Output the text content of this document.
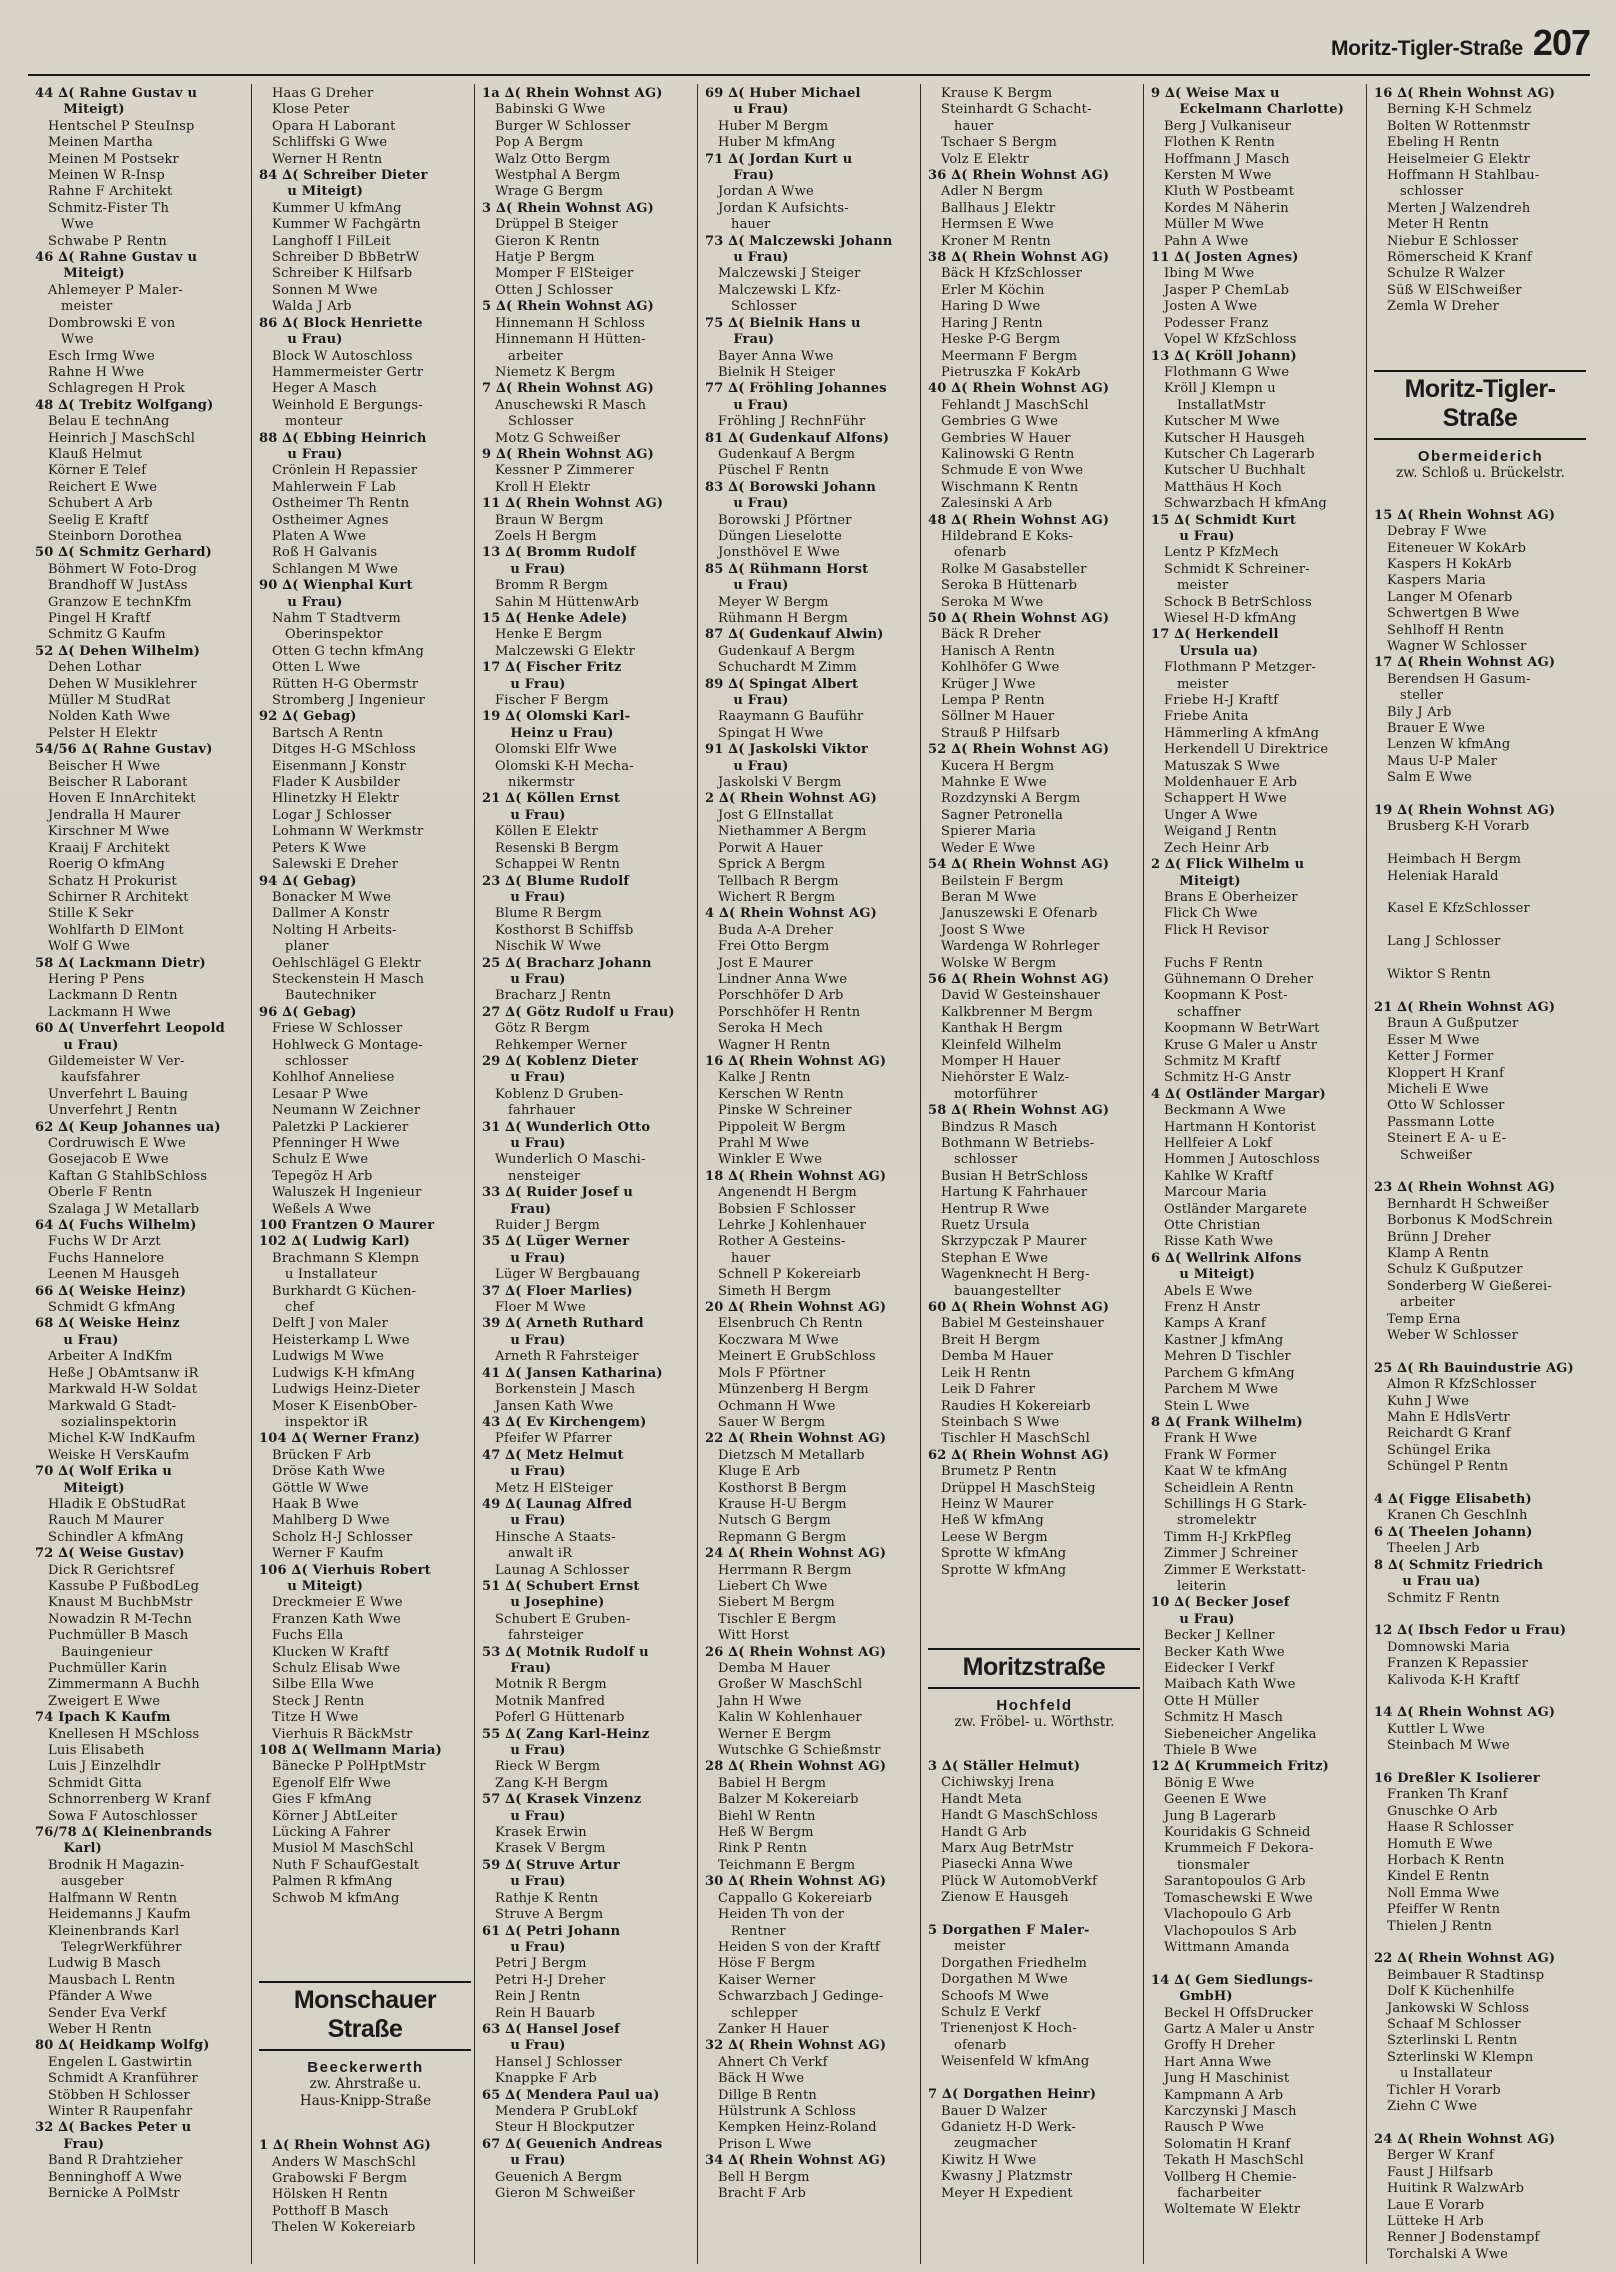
Moritz-Tigler-Straße 207
44 ∆( Rahne Gustav u
Miteigt)
Hentschel P SteuInsp
Meinen Martha
Meinen M Postsekr
Meinen W R-Insp
Rahne F Architekt
Schmitz-Fister Th
Wwe
Schwabe P Rentn
46 ∆( Rahne Gustav u
Miteigt)
Ahlemeyer P Maler-
meister
Dombrowski E von
Wwe
Esch Irmg Wwe
Rahne H Wwe
Schlagregen H Prok
48 ∆( Trebitz Wolfgang)
Belau E technAng
Heinrich J MaschSchl
Klauß Helmut
Körner E Telef
Reichert E Wwe
Schubert A Arb
Seelig E Kraftf
Steinborn Dorothea
50 ∆( Schmitz Gerhard)
Böhmert W Foto-Drog
Brandhoff W JustAss
Granzow E technKfm
Pingel H Kraftf
Schmitz G Kaufm
52 ∆( Dehen Wilhelm)
Dehen Lothar
Dehen W Musiklehrer
Müller M StudRat
Nolden Kath Wwe
Pelster H Elektr
54/56 ∆( Rahne Gustav)
Beischer H Wwe
Beischer R Laborant
Hoven E InnArchitekt
Jendralla H Maurer
Kirschner M Wwe
Kraaij F Architekt
Roerig O kfmAng
Schatz H Prokurist
Schirner R Architekt
Stille K Sekr
Wohlfarth D ElMont
Wolf G Wwe
58 ∆( Lackmann Dietr)
Hering P Pens
Lackmann D Rentn
Lackmann H Wwe
60 ∆( Unverfehrt Leopold
u Frau)
Gildemeister W Ver-
kaufsfahrer
Unverfehrt L Bauing
Unverfehrt J Rentn
62 ∆( Keup Johannes ua)
Cordruwisch E Wwe
Gosejacob E Wwe
Kaftan G StahlbSchloss
Oberle F Rentn
Szalaga J W Metallarb
64 ∆( Fuchs Wilhelm)
Fuchs W Dr Arzt
Fuchs Hannelore
Leenen M Hausgeh
66 ∆( Weiske Heinz)
Schmidt G kfmAng
68 ∆( Weiske Heinz
u Frau)
Arbeiter A IndKfm
Heße J ObAmtsanw iR
Markwald H-W Soldat
Markwald G Stadt-
sozialinspektorin
Michel K-W IndKaufm
Weiske H VersKaufm
70 ∆( Wolf Erika u
Miteigt)
Hladik E ObStudRat
Rauch M Maurer
Schindler A kfmAng
72 ∆( Weise Gustav)
Dick R Gerichtsref
Kassube P FußbodLeg
Knaust M BuchbMstr
Nowadzin R M-Techn
Puchmüller B Masch
Bauingenieur
Puchmüller Karin
Zimmermann A Buchh
Zweigert E Wwe
74 Ipach K Kaufm
Knellesen H MSchloss
Luis Elisabeth
Luis J Einzelhdlr
Schmidt Gitta
Schnorrenberg W Kranf
Sowa F Autoschlosser
76/78 ∆( Kleinenbrands
Karl)
Brodnik H Magazin-
ausgeber
Halfmann W Rentn
Heidemanns J Kaufm
Kleinenbrands Karl
TelegrWerkführer
Ludwig B Masch
Mausbach L Rentn
Pfänder A Wwe
Sender Eva Verkf
Weber H Rentn
80 ∆( Heidkamp Wolfg)
Engelen L Gastwirtin
Schmidt A Kranführer
Stöbben H Schlosser
Winter R Raupenfahr
32 ∆( Backes Peter u
Frau)
Band R Drahtzieher
Benninghoff A Wwe
Bernicke A PolMstr
Haas G Dreher
Klose Peter
Opara H Laborant
Schliffski G Wwe
Werner H Rentn
84 ∆( Schreiber Dieter
u Miteigt)
Kummer U kfmAng
Kummer W Fachgärtn
Langhoff I FilLeit
Schreiber D BbBetrW
Schreiber K Hilfsarb
Sonnen M Wwe
Walda J Arb
86 ∆( Block Henriette
u Frau)
Block W Autoschloss
Hammermeister Gertr
Heger A Masch
Weinhold E Bergungs-
monteur
88 ∆( Ebbing Heinrich
u Frau)
Crönlein H Repassier
Mahlerwein F Lab
Ostheimer Th Rentn
Ostheimer Agnes
Platen A Wwe
Roß H Galvanis
Schlangen M Wwe
90 ∆( Wienphal Kurt
u Frau)
Nahm T Stadtverm
Oberinspektor
Otten G techn kfmAng
Otten L Wwe
Rütten H-G Obermstr
Stromberg J Ingenieur
92 ∆( Gebag)
Bartsch A Rentn
Ditges H-G MSchloss
Eisenmann J Konstr
Flader K Ausbilder
Hlinetzky H Elektr
Logar J Schlosser
Lohmann W Werkmstr
Peters K Wwe
Salewski E Dreher
94 ∆( Gebag)
Bonacker M Wwe
Dallmer A Konstr
Nolting H Arbeits-
planer
Oehlschlägel G Elektr
Steckenstein H Masch
Bautechniker
96 ∆( Gebag)
Friese W Schlosser
Hohlweck G Montage-
schlosser
Kohlhof Anneliese
Lesaar P Wwe
Neumann W Zeichner
Paletzki P Lackierer
Pfenninger H Wwe
Schulz E Wwe
Tepegöz H Arb
Waluszek H Ingenieur
Weßels A Wwe
100 Frantzen O Maurer
102 ∆( Ludwig Karl)
Brachmann S Klempn
u Installateur
Burkhardt G Küchen-
chef
Delft J von Maler
Heisterkamp L Wwe
Ludwigs M Wwe
Ludwigs K-H kfmAng
Ludwigs Heinz-Dieter
Moser K EisenbOber-
inspektor iR
104 ∆( Werner Franz)
Brücken F Arb
Dröse Kath Wwe
Göttle W Wwe
Haak B Wwe
Mahlberg D Wwe
Scholz H-J Schlosser
Werner F Kaufm
106 ∆( Vierhuis Robert
u Miteigt)
Dreckmeier E Wwe
Franzen Kath Wwe
Fuchs Ella
Klucken W Kraftf
Schulz Elisab Wwe
Silbe Ella Wwe
Steck J Rentn
Titze H Wwe
Vierhuis R BäckMstr
108 ∆( Wellmann Maria)
Bänecke P PolHptMstr
Egenolf Elfr Wwe
Gies F kfmAng
Körner J AbtLeiter
Lücking A Fahrer
Musiol M MaschSchl
Nuth F SchaufGestalt
Palmen R kfmAng
Schwob M kfmAng
Monschauer Straße
Beeckerwerth
zw. Ahrstraße u.
Haus-Knipp-Straße
1 ∆( Rhein Wohnst AG)
Anders W MaschSchl
Grabowski F Bergm
Hölsken H Rentn
Potthoff B Masch
Thelen W Kokereiarb
1a ∆( Rhein Wohnst AG)
Babinski G Wwe
Burger W Schlosser
Pop A Bergm
Walz Otto Bergm
Westphal A Bergm
Wrage G Bergm
3 ∆( Rhein Wohnst AG)
Drüppel B Steiger
Gieron K Rentn
Hatje P Bergm
Momper F ElSteiger
Otten J Schlosser
5 ∆( Rhein Wohnst AG)
Hinnemann H Schloss
Hinnemann H Hütten-
arbeiter
Niemetz K Bergm
7 ∆( Rhein Wohnst AG)
Anuschewski R Masch
Schlosser
Motz G Schweißer
9 ∆( Rhein Wohnst AG)
Kessner P Zimmerer
Kroll H Elektr
11 ∆( Rhein Wohnst AG)
Braun W Bergm
Zoels H Bergm
13 ∆( Bromm Rudolf
u Frau)
Bromm R Bergm
Sahin M HüttenwArb
15 ∆( Henke Adele)
Henke E Bergm
Malczewski G Elektr
17 ∆( Fischer Fritz
u Frau)
Fischer F Bergm
19 ∆( Olomski Karl-
Heinz u Frau)
Olomski Elfr Wwe
Olomski K-H Mecha-
nikermstr
21 ∆( Köllen Ernst
u Frau)
Köllen E Elektr
Resenski B Bergm
Schappei W Rentn
23 ∆( Blume Rudolf
u Frau)
Blume R Bergm
Kosthorst B Schiffsb
Nischik W Wwe
25 ∆( Bracharz Johann
u Frau)
Bracharz J Rentn
27 ∆( Götz Rudolf u Frau)
Götz R Bergm
Rehkemper Werner
29 ∆( Koblenz Dieter
u Frau)
Koblenz D Gruben-
fahrhauer
31 ∆( Wunderlich Otto
u Frau)
Wunderlich O Maschi-
nensteiger
33 ∆( Ruider Josef u
Frau)
Ruider J Bergm
35 ∆( Lüger Werner
u Frau)
Lüger W Bergbauang
37 ∆( Floer Marlies)
Floer M Wwe
39 ∆( Arneth Ruthard
u Frau)
Arneth R Fahrsteiger
41 ∆( Jansen Katharina)
Borkenstein J Masch
Jansen Kath Wwe
43 ∆( Ev Kirchengem)
Pfeifer W Pfarrer
47 ∆( Metz Helmut
u Frau)
Metz H ElSteiger
49 ∆( Launag Alfred
u Frau)
Hinsche A Staats-
anwalt iR
Launag A Schlosser
51 ∆( Schubert Ernst
u Josephine)
Schubert E Gruben-
fahrsteiger
53 ∆( Motnik Rudolf u
Frau)
Motnik R Bergm
Motnik Manfred
Poferl G Hüttenarb
55 ∆( Zang Karl-Heinz
u Frau)
Rieck W Bergm
Zang K-H Bergm
57 ∆( Krasek Vinzenz
u Frau)
Krasek Erwin
Krasek V Bergm
59 ∆( Struve Artur
u Frau)
Rathje K Rentn
Struve A Bergm
61 ∆( Petri Johann
u Frau)
Petri J Bergm
Petri H-J Dreher
Rein J Rentn
Rein H Bauarb
63 ∆( Hansel Josef
u Frau)
Hansel J Schlosser
Knappke F Arb
65 ∆( Mendera Paul ua)
Mendera P GrubLokf
Steur H Blockputzer
67 ∆( Geuenich Andreas
u Frau)
Geuenich A Bergm
Gieron M Schweißer
69 ∆( Huber Michael
u Frau)
Huber M Bergm
Huber M kfmAng
71 ∆( Jordan Kurt u
Frau)
Jordan A Wwe
Jordan K Aufsichts-
hauer
73 ∆( Malczewski Johann
u Frau)
Malczewski J Steiger
Malczewski L Kfz-
Schlosser
75 ∆( Bielnik Hans u
Frau)
Bayer Anna Wwe
Bielnik H Steiger
77 ∆( Fröhling Johannes
u Frau)
Fröhling J RechnFühr
81 ∆( Gudenkauf Alfons)
Gudenkauf A Bergm
Püschel F Rentn
83 ∆( Borowski Johann
u Frau)
Borowski J Pförtner
Düngen Lieselotte
Jonsthövel E Wwe
85 ∆( Rühmann Horst
u Frau)
Meyer W Bergm
Rühmann H Bergm
87 ∆( Gudenkauf Alwin)
Gudenkauf A Bergm
Schuchardt M Zimm
89 ∆( Spingat Albert
u Frau)
Raaymann G Bauführ
Spingat H Wwe
91 ∆( Jaskolski Viktor
u Frau)
Jaskolski V Bergm
2 ∆( Rhein Wohnst AG)
Jost G ElInstallat
Niethammer A Bergm
Porwit A Hauer
Sprick A Bergm
Tellbach R Bergm
Wichert R Bergm
4 ∆( Rhein Wohnst AG)
Buda A-A Dreher
Frei Otto Bergm
Jost E Maurer
Lindner Anna Wwe
Porschhöfer D Arb
Porschhöfer H Rentn
Seroka H Mech
Wagner H Rentn
16 ∆( Rhein Wohnst AG)
Kalke J Rentn
Kerschen W Rentn
Pinske W Schreiner
Pippoleit W Bergm
Prahl M Wwe
Winkler E Wwe
18 ∆( Rhein Wohnst AG)
Angenendt H Bergm
Bobsien F Schlosser
Lehrke J Kohlenhauer
Rother A Gesteins-
hauer
Schnell P Kokereiarb
Simeth H Bergm
20 ∆( Rhein Wohnst AG)
Elsenbruch Ch Rentn
Koczwara M Wwe
Meinert E GrubSchloss
Mols F Pförtner
Münzenberg H Bergm
Ochmann H Wwe
Sauer W Bergm
22 ∆( Rhein Wohnst AG)
Dietzsch M Metallarb
Kluge E Arb
Kosthorst B Bergm
Krause H-U Bergm
Nutsch G Bergm
Repmann G Bergm
24 ∆( Rhein Wohnst AG)
Herrmann R Bergm
Liebert Ch Wwe
Siebert M Bergm
Tischler E Bergm
Witt Horst
26 ∆( Rhein Wohnst AG)
Demba M Hauer
Großer W MaschSchl
Jahn H Wwe
Kalin W Kohlenhauer
Werner E Bergm
Wutschke G Schießmstr
28 ∆( Rhein Wohnst AG)
Babiel H Bergm
Balzer M Kokereiarb
Biehl W Rentn
Heß W Bergm
Rink P Rentn
Teichmann E Bergm
30 ∆( Rhein Wohnst AG)
Cappallo G Kokereiarb
Heiden Th von der
Rentner
Heiden S von der Kraftf
Höse F Bergm
Kaiser Werner
Schwarzbach J Gedinge-
schlepper
Zanker H Hauer
32 ∆( Rhein Wohnst AG)
Ahnert Ch Verkf
Bäck H Wwe
Dillge B Rentn
Hülstrunk A Schloss
Kempken Heinz-Roland
Prison L Wwe
34 ∆( Rhein Wohnst AG)
Bell H Bergm
Bracht F Arb
Krause K Bergm
Steinhardt G Schacht-
hauer
Tschaer S Bergm
Volz E Elektr
36 ∆( Rhein Wohnst AG)
Adler N Bergm
Ballhaus J Elektr
Hermsen E Wwe
Kroner M Rentn
38 ∆( Rhein Wohnst AG)
Bäck H KfzSchlosser
Erler M Köchin
Haring D Wwe
Haring J Rentn
Heske P-G Bergm
Meermann F Bergm
Pietruszka F KokArb
40 ∆( Rhein Wohnst AG)
Fehlandt J MaschSchl
Gembries G Wwe
Gembries W Hauer
Kalinowski G Rentn
Schmude E von Wwe
Wischmann K Rentn
Zalesinski A Arb
48 ∆( Rhein Wohnst AG)
Hildebrand E Koks-
ofenarb
Rolke M Gasabsteller
Seroka B Hüttenarb
Seroka M Wwe
50 ∆( Rhein Wohnst AG)
Bäck R Dreher
Hanisch A Rentn
Kohlhöfer G Wwe
Krüger J Wwe
Lempa P Rentn
Söllner M Hauer
Strauß P Hilfsarb
52 ∆( Rhein Wohnst AG)
Kucera H Bergm
Mahnke E Wwe
Rozdzynski A Bergm
Sagner Petronella
Spierer Maria
Weder E Wwe
54 ∆( Rhein Wohnst AG)
Beilstein F Bergm
Beran M Wwe
Januszewski E Ofenarb
Joost S Wwe
Wardenga W Rohrleger
Wolske W Bergm
56 ∆( Rhein Wohnst AG)
David W Gesteinshauer
Kalkbrenner M Bergm
Kanthak H Bergm
Kleinfeld Wilhelm
Momper H Hauer
Niehörster E Walz-
motorführer
58 ∆( Rhein Wohnst AG)
Bindzus R Masch
Bothmann W Betriebs-
schlosser
Busian H BetrSchloss
Hartung K Fahrhauer
Hentrup R Wwe
Ruetz Ursula
Skrzypczak P Maurer
Stephan E Wwe
Wagenknecht H Berg-
bauangestellter
60 ∆( Rhein Wohnst AG)
Babiel M Gesteinshauer
Breit H Bergm
Demba M Hauer
Leik H Rentn
Leik D Fahrer
Raudies H Kokereiarb
Steinbach S Wwe
Tischler H MaschSchl
62 ∆( Rhein Wohnst AG)
Brumetz P Rentn
Drüppel H MaschSteig
Heinz W Maurer
Heß W kfmAng
Leese W Bergm
Sprotte W kfmAng
Sprotte W kfmAng
Moritzstraße
Hochfeld
zw. Fröbel- u. Wörthstr.
3 ∆( Ställer Helmut)
Cichiwskyj Irena
Handt Meta
Handt G MaschSchloss
Handt G Arb
Marx Aug BetrMstr
Piasecki Anna Wwe
Plück W AutomobVerkf
Zienow E Hausgeh

5 Dorgathen F Maler-
meister
Dorgathen Friedhelm
Dorgathen M Wwe
Schoofs M Wwe
Schulz E Verkf
Trienenjost K Hoch-
ofenarb
Weisenfeld W kfmAng

7 ∆( Dorgathen Heinr)
Bauer D Walzer
Gdanietz H-D Werk-
zeugmacher
Kiwitz H Wwe
Kwasny J Platzmstr
Meyer H Expedient
9 ∆( Weise Max u
Eckelmann Charlotte)
Berg J Vulkaniseur
Flothen K Rentn
Hoffmann J Masch
Kersten M Wwe
Kluth W Postbeamt
Kordes M Näherin
Müller M Wwe
Pahn A Wwe
11 ∆( Josten Agnes)
Ibing M Wwe
Jasper P ChemLab
Josten A Wwe
Podesser Franz
Vopel W KfzSchloss
13 ∆( Kröll Johann)
Flothmann G Wwe
Kröll J Klempn u
InstallatMstr
Kutscher M Wwe
Kutscher H Hausgeh
Kutscher Ch Lagerarb
Kutscher U Buchhalt
Matthäus H Koch
Schwarzbach H kfmAng
15 ∆( Schmidt Kurt
u Frau)
Lentz P KfzMech
Schmidt K Schreiner-
meister
Schock B BetrSchloss
Wiesel H-D kfmAng
17 ∆( Herkendell
Ursula ua)
Flothmann P Metzger-
meister
Friebe H-J Kraftf
Friebe Anita
Hämmerling A kfmAng
Herkendell U Direktrice
Matuszak S Wwe
Moldenhauer E Arb
Schappert H Wwe
Unger A Wwe
Weigand J Rentn
Zech Heinr Arb
2 ∆( Flick Wilhelm u
Miteigt)
Brans E Oberheizer
Flick Ch Wwe
Flick H Revisor

Fuchs F Rentn
Gühnemann O Dreher
Koopmann K Post-
schaffner
Koopmann W BetrWart
Kruse G Maler u Anstr
Schmitz M Kraftf
Schmitz H-G Anstr
4 ∆( Ostländer Margar)
Beckmann A Wwe
Hartmann H Kontorist
Hellfeier A Lokf
Hommen J Autoschloss
Kahlke W Kraftf
Marcour Maria
Ostländer Margarete
Otte Christian
Risse Kath Wwe
6 ∆( Wellrink Alfons
u Miteigt)
Abels E Wwe
Frenz H Anstr
Kamps A Kranf
Kastner J kfmAng
Mehren D Tischler
Parchem G kfmAng
Parchem M Wwe
Stein L Wwe
8 ∆( Frank Wilhelm)
Frank H Wwe
Frank W Former
Kaat W te kfmAng
Scheidlein A Rentn
Schillings H G Stark-
stromelektr
Timm H-J KrkPfleg
Zimmer J Schreiner
Zimmer E Werkstatt-
leiterin
10 ∆( Becker Josef
u Frau)
Becker J Kellner
Becker Kath Wwe
Eidecker I Verkf
Maibach Kath Wwe
Otte H Müller
Schmitz H Masch
Siebeneicher Angelika
Thiele B Wwe
12 ∆( Krummeich Fritz)
Bönig E Wwe
Geenen E Wwe
Jung B Lagerarb
Kouridakis G Schneid
Krummeich F Dekora-
tionsmaler
Sarantopoulos G Arb
Tomaschewski E Wwe
Vlachopoulo G Arb
Vlachopoulos S Arb
Wittmann Amanda

14 ∆( Gem Siedlungs-
GmbH)
Beckel H OffsDrucker
Gartz A Maler u Anstr
Groffy H Dreher
Hart Anna Wwe
Jung H Maschinist
Kampmann A Arb
Karczynski J Masch
Rausch P Wwe
Solomatin H Kranf
Tekath H MaschSchl
Vollberg H Chemie-
facharbeiter
Woltemate W Elektr
16 ∆( Rhein Wohnst AG)
Berning K-H Schmelz
Bolten W Rottenmstr
Ebeling H Rentn
Heiselmeier G Elektr
Hoffmann H Stahlbau-
schlosser
Merten J Walzendreh
Meter H Rentn
Niebur E Schlosser
Römerscheid K Kranf
Schulze R Walzer
Süß W ElSchweißer
Zemla W Dreher
Moritz-Tigler-Straße
Obermeiderich
zw. Schloß u. Brückelstr.
15 ∆( Rhein Wohnst AG)
Debray F Wwe
Eiteneuer W KokArb
Kaspers H KokArb
Kaspers Maria
Langer M Ofenarb
Schwertgen B Wwe
Sehlhoff H Rentn
Wagner W Schlosser
17 ∆( Rhein Wohnst AG)
Berendsen H Gasum-
steller
Bily J Arb
Brauer E Wwe
Lenzen W kfmAng
Maus U-P Maler
Salm E Wwe

19 ∆( Rhein Wohnst AG)
Brusberg K-H Vorarb

Heimbach H Bergm
Heleniak Harald

Kasel E KfzSchlosser

Lang J Schlosser

Wiktor S Rentn

21 ∆( Rhein Wohnst AG)
Braun A Gußputzer
Esser M Wwe
Ketter J Former
Kloppert H Kranf
Micheli E Wwe
Otto W Schlosser
Passmann Lotte
Steinert E A- u E-
Schweißer

23 ∆( Rhein Wohnst AG)
Bernhardt H Schweißer
Borbonus K ModSchrein
Brünn J Dreher
Klamp A Rentn
Schulz K Gußputzer
Sonderberg W Gießerei-
arbeiter
Temp Erna
Weber W Schlosser

25 ∆( Rh Bauindustrie AG)
Almon R KfzSchlosser
Kuhn J Wwe
Mahn E HdlsVertr
Reichardt G Kranf
Schüngel Erika
Schüngel P Rentn

4 ∆( Figge Elisabeth)
Kranen Ch GeschInh
6 ∆( Theelen Johann)
Theelen J Arb
8 ∆( Schmitz Friedrich
u Frau ua)
Schmitz F Rentn

12 ∆( Ibsch Fedor u Frau)
Domnowski Maria
Franzen K Repassier
Kalivoda K-H Kraftf

14 ∆( Rhein Wohnst AG)
Kuttler L Wwe
Steinbach M Wwe

16 Dreßler K Isolierer
Franken Th Kranf
Gnuschke O Arb
Haase R Schlosser
Homuth E Wwe
Horbach K Rentn
Kindel E Rentn
Noll Emma Wwe
Pfeiffer W Rentn
Thielen J Rentn

22 ∆( Rhein Wohnst AG)
Beimbauer R Stadtinsp
Dolf K Küchenhilfe
Jankowski W Schloss
Schaaf M Schlosser
Szterlinski L Rentn
Szterlinski W Klempn
u Installateur
Tichler H Vorarb
Ziehn C Wwe

24 ∆( Rhein Wohnst AG)
Berger W Kranf
Faust J Hilfsarb
Huitink R WalzwArb
Laue E Vorarb
Lütteke H Arb
Renner J Bodenstampf
Torchalski A Wwe
